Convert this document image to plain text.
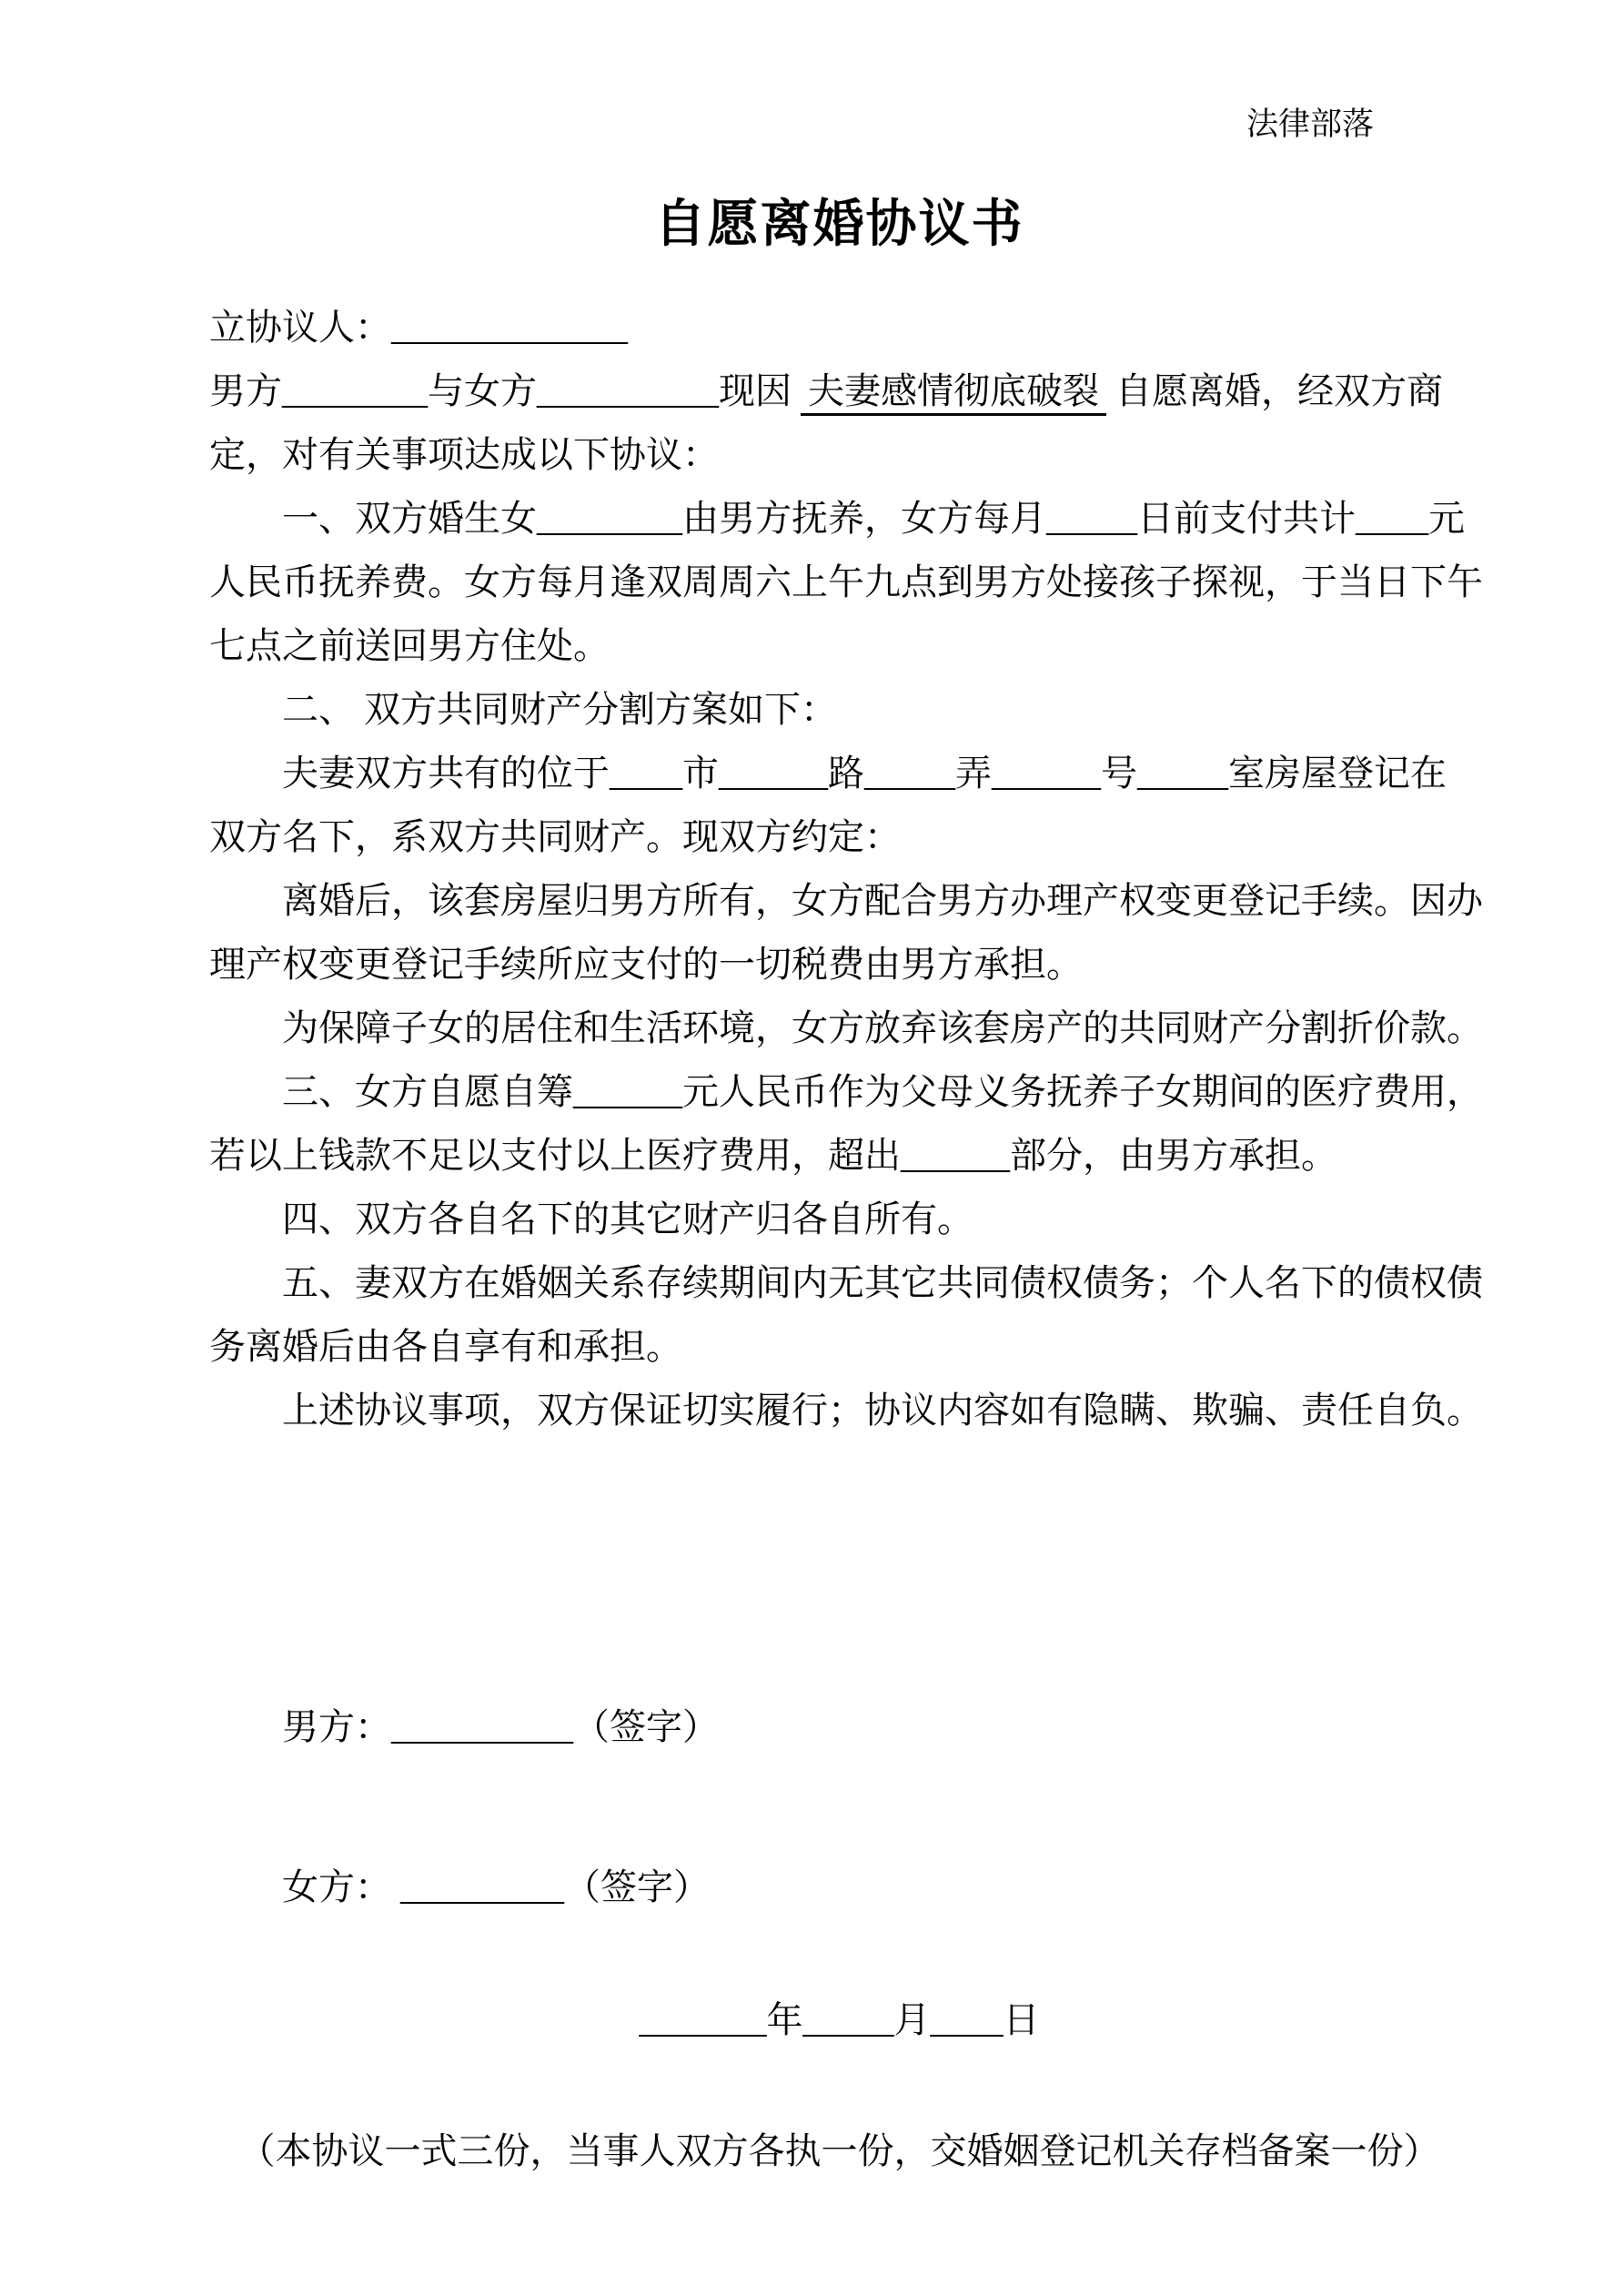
法律部落
自愿离婚协议书
立协议人：_____________
男方________与女方__________现因 夫妻感情彻底破裂 自愿离婚，经双方商
定，对有关事项达成以下协议：
一、双方婚生女________由男方抚养，女方每月_____日前支付共计____元
人民币抚养费。女方每月逢双周周六上午九点到男方处接孩子探视，于当日下午
七点之前送回男方住处。
二、 双方共同财产分割方案如下：
夫妻双方共有的位于____市______路_____弄______号_____室房屋登记在
双方名下，系双方共同财产。现双方约定：
离婚后，该套房屋归男方所有，女方配合男方办理产权变更登记手续。因办
理产权变更登记手续所应支付的一切税费由男方承担。
为保障子女的居住和生活环境，女方放弃该套房产的共同财产分割折价款。
三、女方自愿自筹______元人民币作为父母义务抚养子女期间的医疗费用，
若以上钱款不足以支付以上医疗费用，超出______部分，由男方承担。
四、双方各自名下的其它财产归各自所有。
五、妻双方在婚姻关系存续期间内无其它共同债权债务；个人名下的债权债
务离婚后由各自享有和承担。
上述协议事项，双方保证切实履行；协议内容如有隐瞒、欺骗、责任自负。
男方：__________（签字）
女方： _________（签字）
_______年_____月____日
（本协议一式三份，当事人双方各执一份，交婚姻登记机关存档备案一份）
